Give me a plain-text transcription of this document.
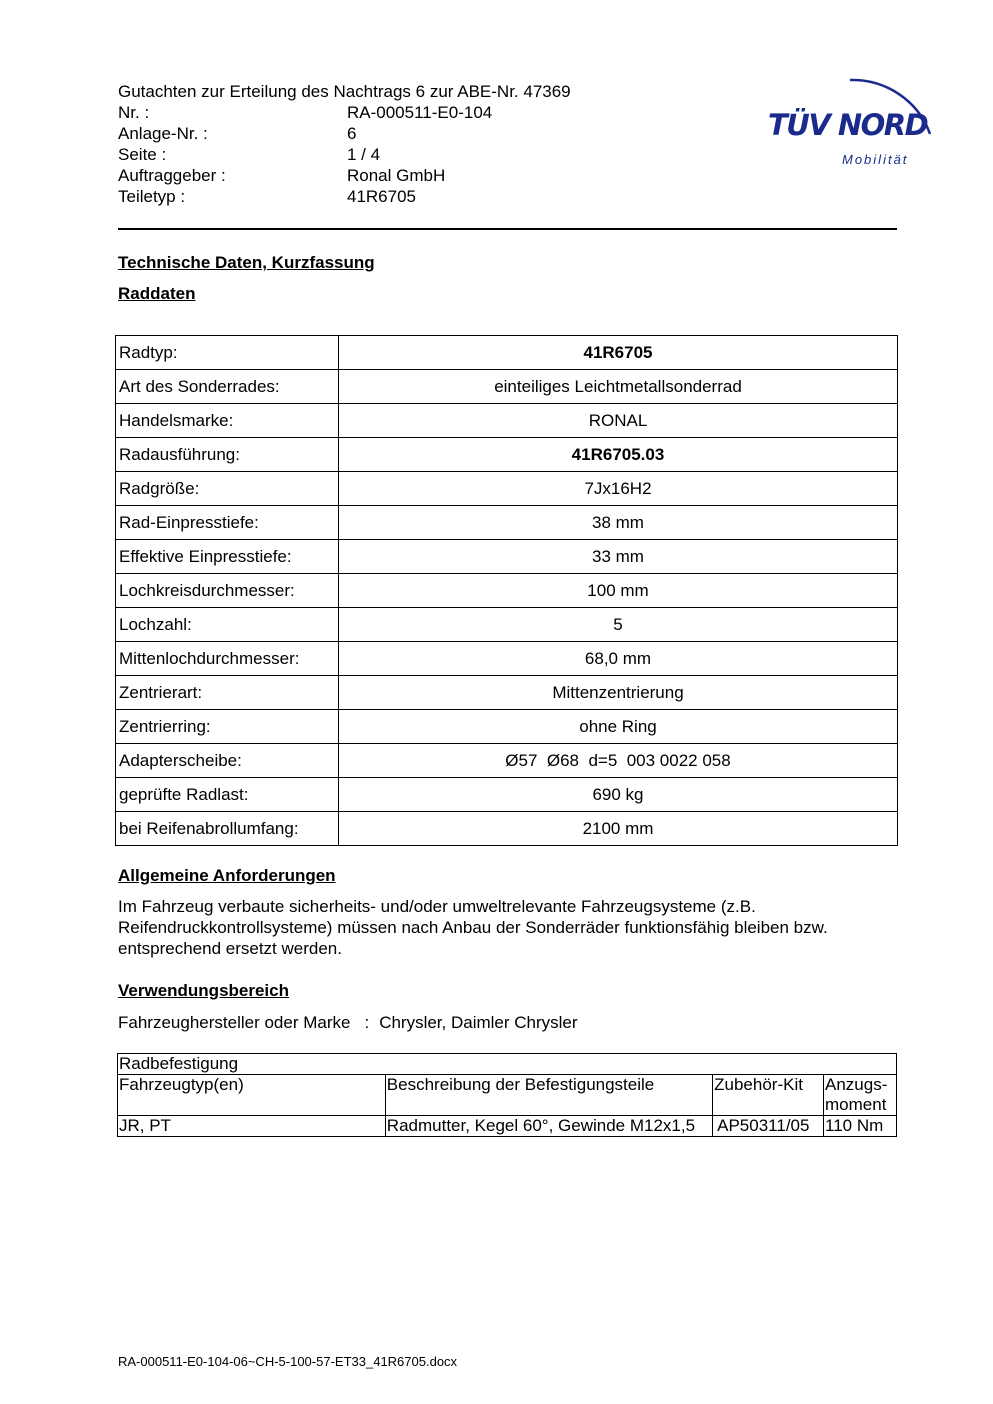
Gutachten zur Erteilung des Nachtrags 6 zur ABE-Nr. 47369
Nr. :	RA-000511-E0-104
Anlage-Nr. :	6
Seite :	1 / 4
Auftraggeber :	Ronal GmbH
Teiletyp :	41R6705
TÜV NORD
Mobilität
Technische Daten, Kurzfassung
Raddaten
Radtyp:	41R6705
Art des Sonderrades:	einteiliges Leichtmetallsonderrad
Handelsmarke:	RONAL
Radausführung:	41R6705.03
Radgröße:	7Jx16H2
Rad-Einpresstiefe:	38 mm
Effektive Einpresstiefe:	33 mm
Lochkreisdurchmesser:	100 mm
Lochzahl:	5
Mittenlochdurchmesser:	68,0 mm
Zentrierart:	Mittenzentrierung
Zentrierring:	ohne Ring
Adapterscheibe:	Ø57  Ø68  d=5  003 0022 058
geprüfte Radlast:	690 kg
bei Reifenabrollumfang:	2100 mm
Allgemeine Anforderungen
Im Fahrzeug verbaute sicherheits- und/oder umweltrelevante Fahrzeugsysteme (z.B. Reifendruckkontrollsysteme) müssen nach Anbau der Sonderräder funktionsfähig bleiben bzw. entsprechend ersetzt werden.
Verwendungsbereich
Fahrzeughersteller oder Marke : Chrysler, Daimler Chrysler
Radbefestigung			
Fahrzeugtyp(en)	Beschreibung der Befestigungsteile	Zubehör-Kit	Anzugs-moment
JR, PT	Radmutter, Kegel 60°, Gewinde M12x1,5	AP50311/05	110 Nm
RA-000511-E0-104-06~CH-5-100-57-ET33_41R6705.docx
